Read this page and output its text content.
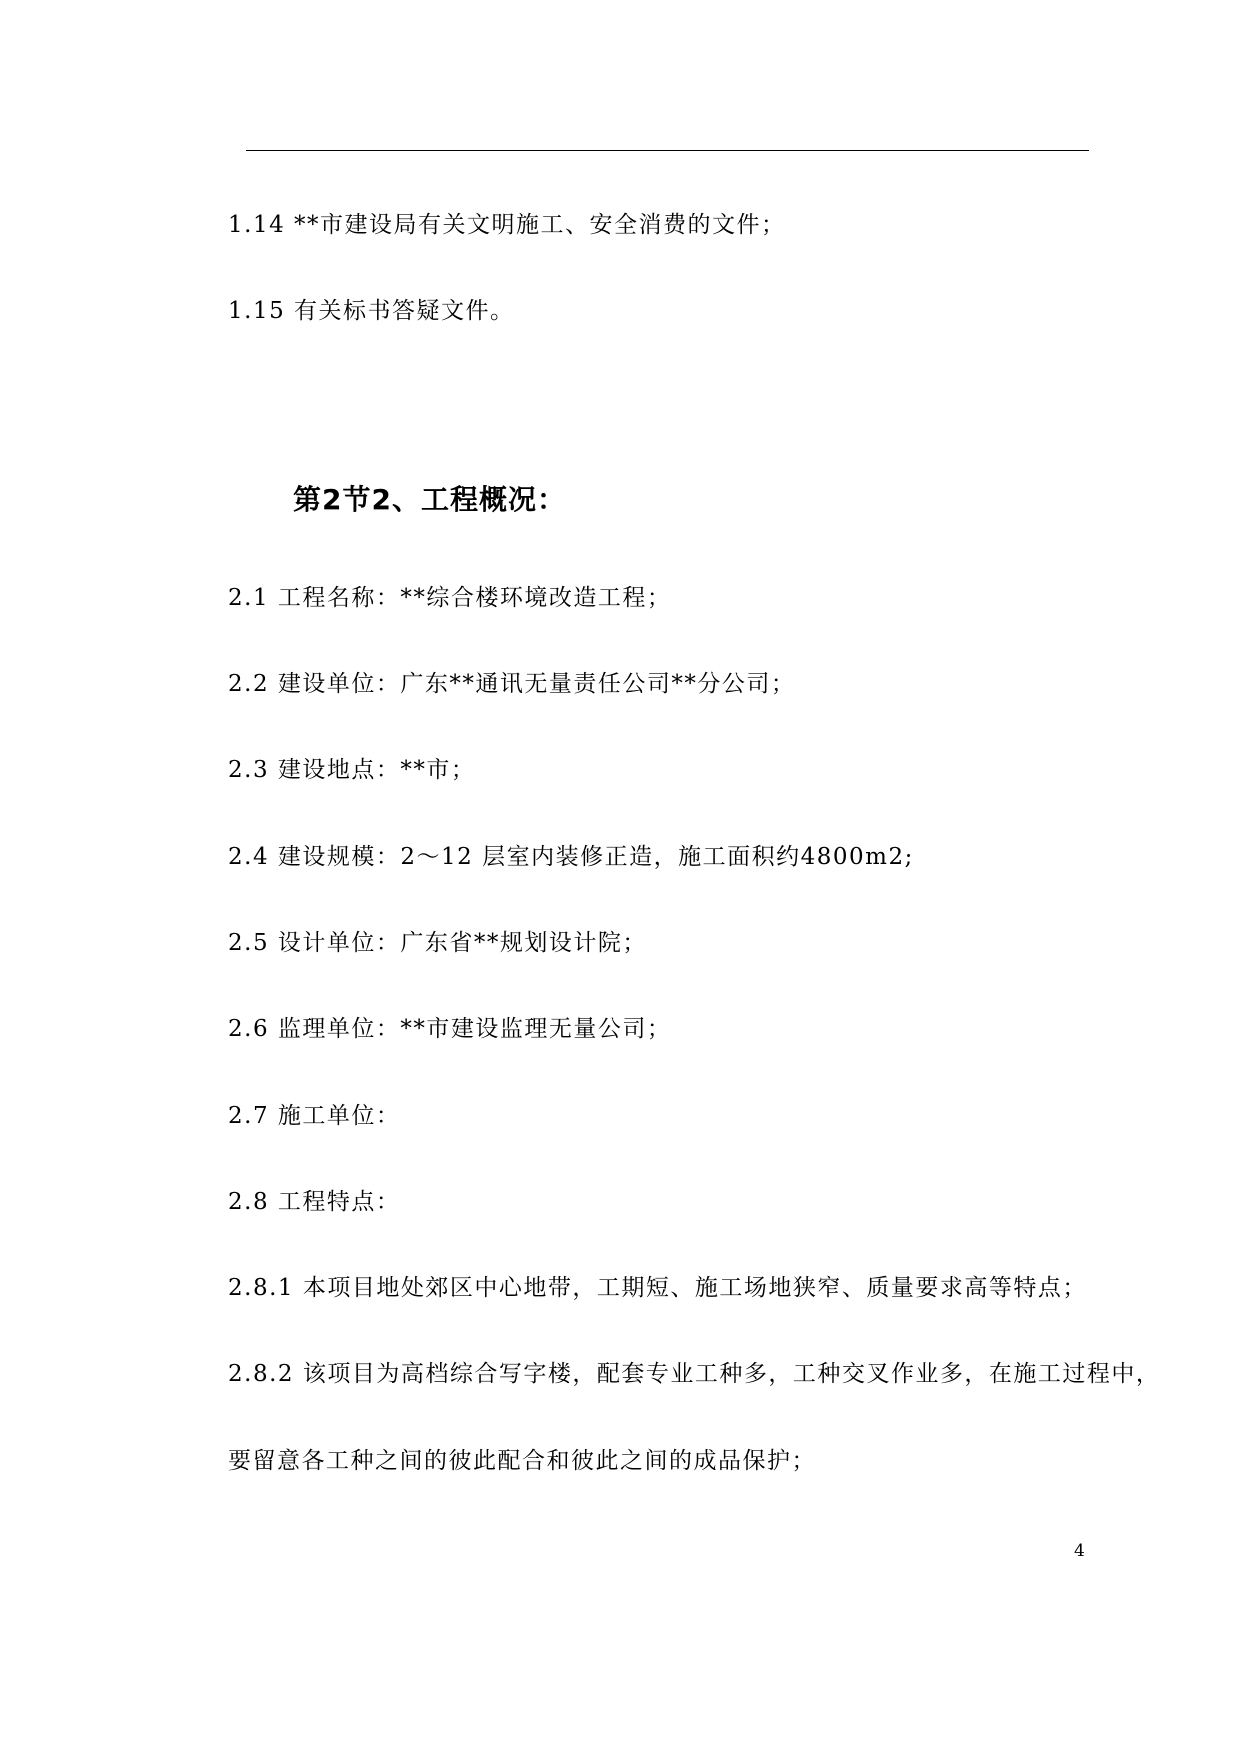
1.14 **市建设局有关文明施工、安全消费的文件；
1.15 有关标书答疑文件。
第2节2、工程概况：
2.1 工程名称：**综合楼环境改造工程；
2.2 建设单位：广东**通讯无量责任公司**分公司；
2.3 建设地点：**市；
2.4 建设规模：2～12 层室内装修正造，施工面积约4800m2;
2.5 设计单位：广东省**规划设计院；
2.6 监理单位：**市建设监理无量公司；
2.7 施工单位：
2.8 工程特点：
2.8.1 本项目地处郊区中心地带，工期短、施工场地狭窄、质量要求高等特点；
2.8.2 该项目为高档综合写字楼，配套专业工种多，工种交叉作业多，在施工过程中，
要留意各工种之间的彼此配合和彼此之间的成品保护；
4
